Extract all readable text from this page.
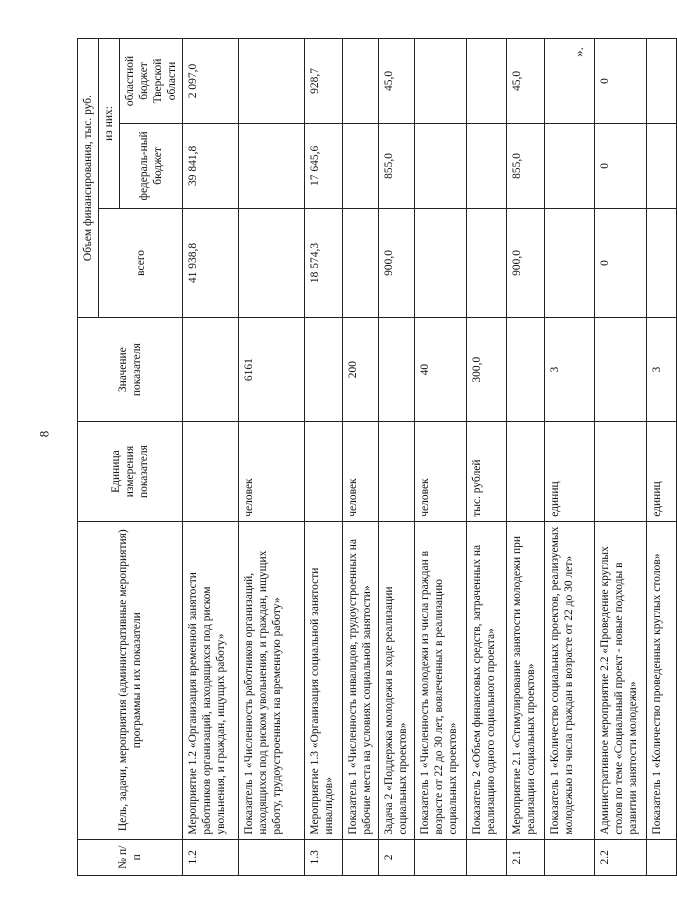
8
№ п/п	Цель, задачи, мероприятия (административные мероприятия) программы и их показатели	Единица измерения показателя	Значение показателя	Объем финансирования, тыс. руб.		
				всего	из них:	
					федераль-ный бюджет	областной бюджет Тверской области
1.2	Мероприятие 1.2 «Организация временной занятости работников организаций, находящихся под риском увольнения, и граждан, ищущих работу»			41 938,8	39 841,8	2 097,0
	Показатель 1 «Численность работников организаций, находящихся под риском увольнения, и граждан, ищущих работу, трудоустроенных на временную работу»	человек	6161			
1.3	Мероприятие 1.3 «Организация социальной занятости инвалидов»			18 574,3	17 645,6	928,7
	Показатель 1 «Численность инвалидов, трудоустроенных на рабочие места на условиях социальной занятости»	человек	200			
2	Задача 2 «Поддержка молодежи в ходе реализации социальных проектов»			900,0	855,0	45,0
	Показатель 1 «Численность молодежи из числа граждан в возрасте от 22 до 30 лет, вовлеченных в реализацию социальных проектов»	человек	40			
	Показатель 2 «Объем финансовых средств, затраченных на реализацию одного социального проекта»	тыс. рублей	300,0			
2.1	Мероприятие 2.1 «Стимулирование занятости молодежи при реализации социальных проектов»			900,0	855,0	45,0
	Показатель 1 «Количество социальных проектов, реализуемых молодежью из числа граждан в возрасте от 22 до 30 лет»	единиц	3			
2.2	Административное мероприятие 2.2 «Проведение круглых столов по теме «Социальный проект - новые подходы в развитии занятости молодежи»			0	0	0
	Показатель 1 «Количество проведенных круглых столов»	единиц	3			
».
